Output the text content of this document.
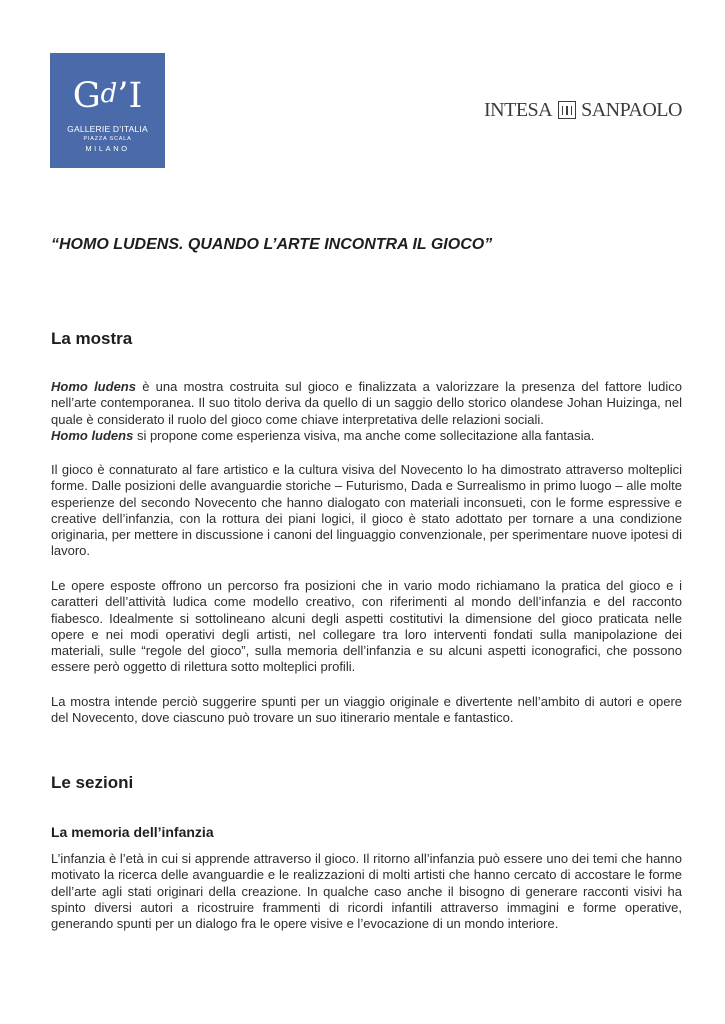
Gd’I
GALLERIE D’ITALIA
PIAZZA SCALA
MILANO
INTESA SANPAOLO
“HOMO LUDENS. QUANDO L’ARTE INCONTRA IL GIOCO”
La mostra

Homo ludens è una mostra costruita sul gioco e finalizzata a valorizzare la presenza del fattore ludico nell’arte contemporanea. Il suo titolo deriva da quello di un saggio dello storico olandese Johan Huizinga, nel quale è considerato il ruolo del gioco come chiave interpretativa delle relazioni sociali.
Homo ludens si propone come esperienza visiva, ma anche come sollecitazione alla fantasia.

Il gioco è connaturato al fare artistico e la cultura visiva del Novecento lo ha dimostrato attraverso molteplici forme. Dalle posizioni delle avanguardie storiche – Futurismo, Dada e Surrealismo in primo luogo – alle molte esperienze del secondo Novecento che hanno dialogato con materiali inconsueti, con le forme espressive e creative dell’infanzia, con la rottura dei piani logici, il gioco è stato adottato per tornare a una condizione originaria, per mettere in discussione i canoni del linguaggio convenzionale, per sperimentare nuove ipotesi di lavoro.

Le opere esposte offrono un percorso fra posizioni che in vario modo richiamano la pratica del gioco e i caratteri dell’attività ludica come modello creativo, con riferimenti al mondo dell’infanzia e del racconto fiabesco. Idealmente si sottolineano alcuni degli aspetti costitutivi la dimensione del gioco praticata nelle opere e nei modi operativi degli artisti, nel collegare tra loro interventi fondati sulla manipolazione dei materiali, sulle “regole del gioco”, sulla memoria dell’infanzia e su alcuni aspetti iconografici, che possono essere però oggetto di rilettura sotto molteplici profili.

La mostra intende perciò suggerire spunti per un viaggio originale e divertente nell’ambito di autori e opere del Novecento, dove ciascuno può trovare un suo itinerario mentale e fantastico.

Le sezioni
La memoria dell’infanzia

L’infanzia è l’età in cui si apprende attraverso il gioco. Il ritorno all’infanzia può essere uno dei temi che hanno motivato la ricerca delle avanguardie e le realizzazioni di molti artisti che hanno cercato di accostare le forme dell’arte agli stati originari della creazione. In qualche caso anche il bisogno di generare racconti visivi ha spinto diversi autori a ricostruire frammenti di ricordi infantili attraverso immagini e forme operative, generando spunti per un dialogo fra le opere visive e l’evocazione di un mondo interiore.
